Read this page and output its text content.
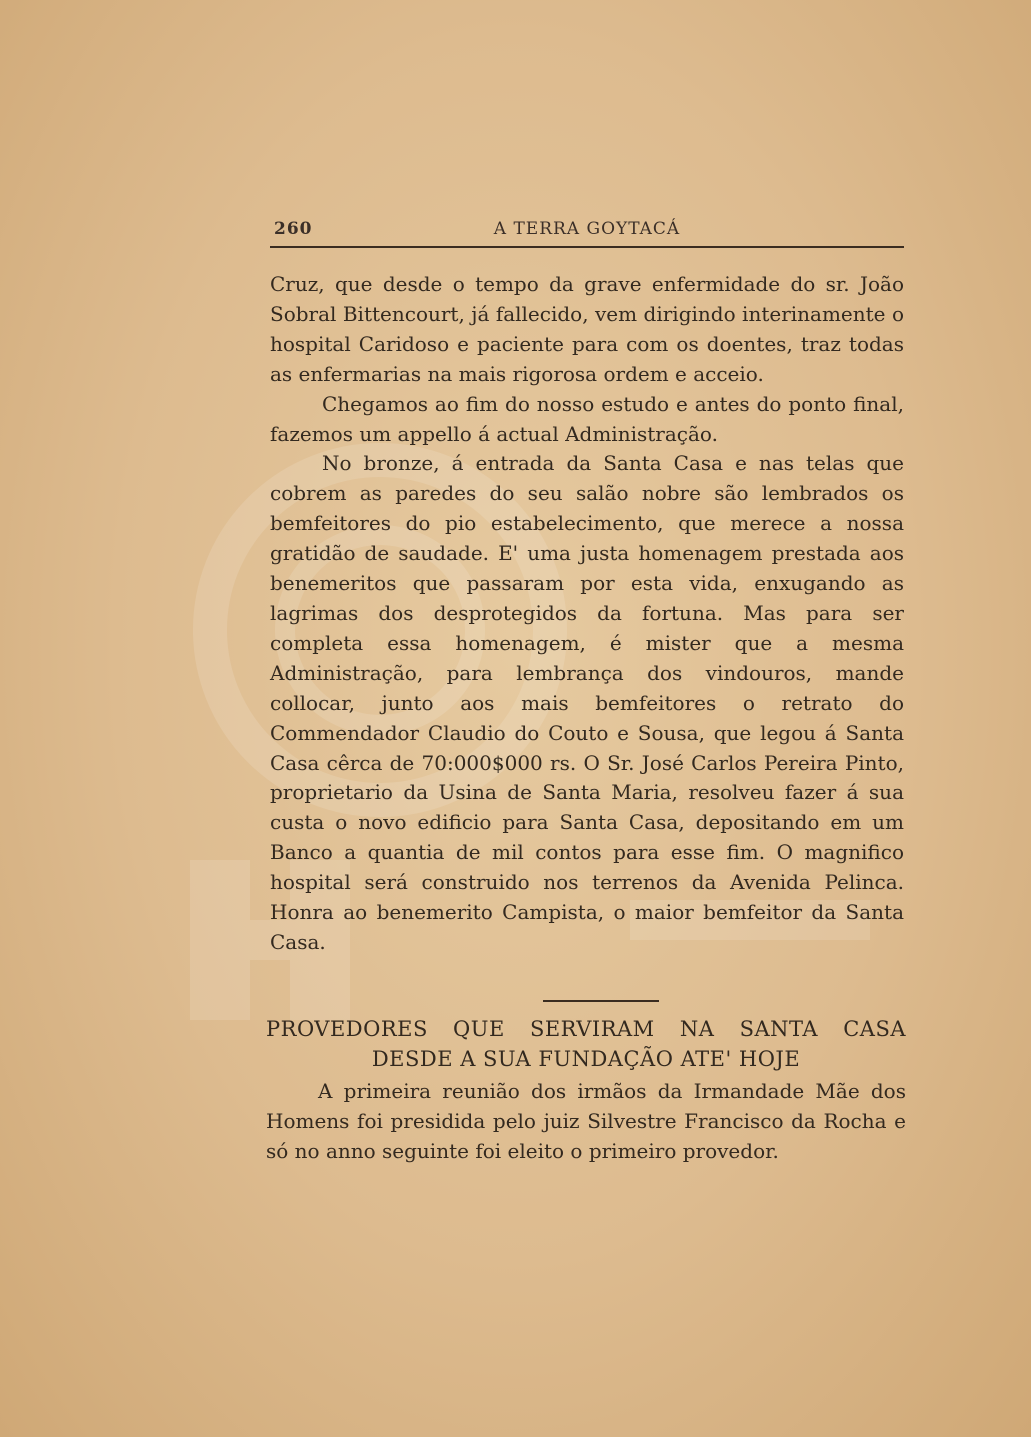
260	A TERRA GOYTACÁ

Cruz, que desde o tempo da grave enfermidade do sr. João Sobral Bittencourt, já fallecido, vem dirigindo interinamente o hospital Caridoso e paciente para com os doentes, traz todas as enfermarias na mais rigorosa ordem e acceio.

Chegamos ao fim do nosso estudo e antes do ponto final, fazemos um appello á actual Administração.

No bronze, á entrada da Santa Casa e nas telas que cobrem as paredes do seu salão nobre são lembrados os bemfeitores do pio estabelecimento, que merece a nossa gratidão de saudade. E' uma justa homenagem prestada aos benemeritos que passaram por esta vida, enxugando as lagrimas dos desprotegidos da fortuna. Mas para ser completa essa homenagem, é mister que a mesma Administração, para lembrança dos vindouros, mande collocar, junto aos mais bemfeitores o retrato do Commendador Claudio do Couto e Sousa, que legou á Santa Casa cêrca de 70:000$000 rs. O Sr. José Carlos Pereira Pinto, proprietario da Usina de Santa Maria, resolveu fazer á sua custa o novo edificio para Santa Casa, depositando em um Banco a quantia de mil contos para esse fim. O magnifico hospital será construido nos terrenos da Avenida Pelinca. Honra ao benemerito Campista, o maior bemfeitor da Santa Casa.

PROVEDORES QUE SERVIRAM NA SANTA CASA
DESDE A SUA FUNDAÇÃO ATE' HOJE

A primeira reunião dos irmãos da Irmandade Mãe dos Homens foi presidida pelo juiz Silvestre Francisco da Rocha e só no anno seguinte foi eleito o primeiro provedor.
